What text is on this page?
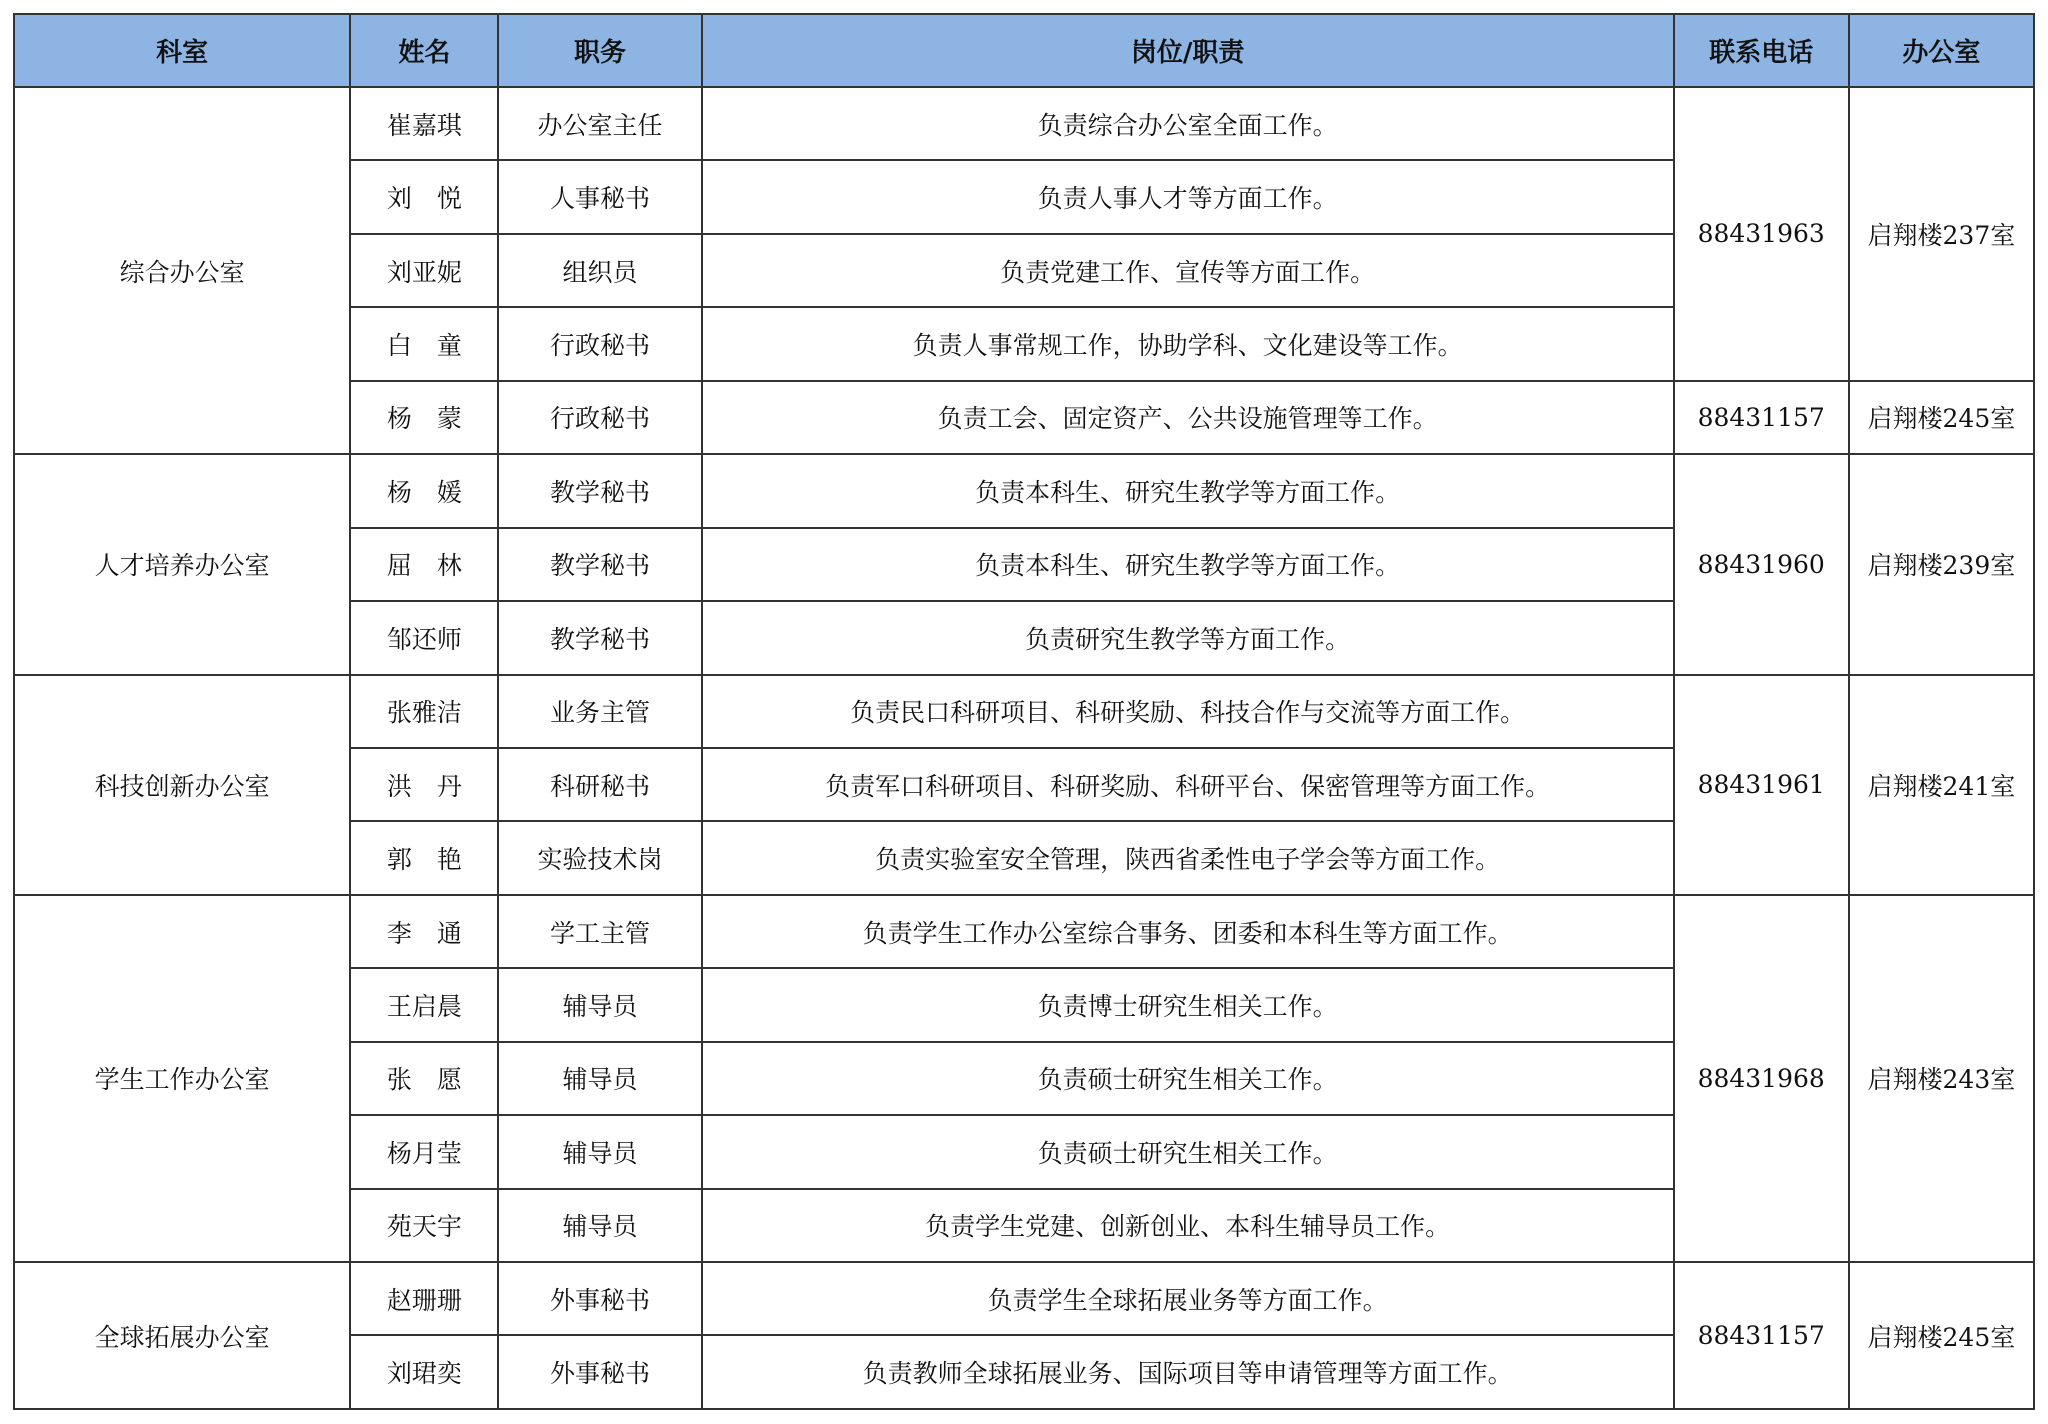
科室	姓名	职务	岗位/职责	联系电话	办公室
综合办公室	崔嘉琪	办公室主任	负责综合办公室全面工作。	88431963	启翔楼237室
	刘　悦	人事秘书	负责人事人才等方面工作。		
	刘亚妮	组织员	负责党建工作、宣传等方面工作。		
	白　童	行政秘书	负责人事常规工作，协助学科、文化建设等工作。		
	杨　蒙	行政秘书	负责工会、固定资产、公共设施管理等工作。	88431157	启翔楼245室
人才培养办公室	杨　媛	教学秘书	负责本科生、研究生教学等方面工作。	88431960	启翔楼239室
	屈　林	教学秘书	负责本科生、研究生教学等方面工作。		
	邹还师	教学秘书	负责研究生教学等方面工作。		
科技创新办公室	张雅洁	业务主管	负责民口科研项目、科研奖励、科技合作与交流等方面工作。	88431961	启翔楼241室
	洪　丹	科研秘书	负责军口科研项目、科研奖励、科研平台、保密管理等方面工作。		
	郭　艳	实验技术岗	负责实验室安全管理，陕西省柔性电子学会等方面工作。		
学生工作办公室	李　通	学工主管	负责学生工作办公室综合事务、团委和本科生等方面工作。	88431968	启翔楼243室
	王启晨	辅导员	负责博士研究生相关工作。		
	张　愿	辅导员	负责硕士研究生相关工作。		
	杨月莹	辅导员	负责硕士研究生相关工作。		
	苑天宇	辅导员	负责学生党建、创新创业、本科生辅导员工作。		
全球拓展办公室	赵珊珊	外事秘书	负责学生全球拓展业务等方面工作。	88431157	启翔楼245室
	刘珺奕	外事秘书	负责教师全球拓展业务、国际项目等申请管理等方面工作。		
